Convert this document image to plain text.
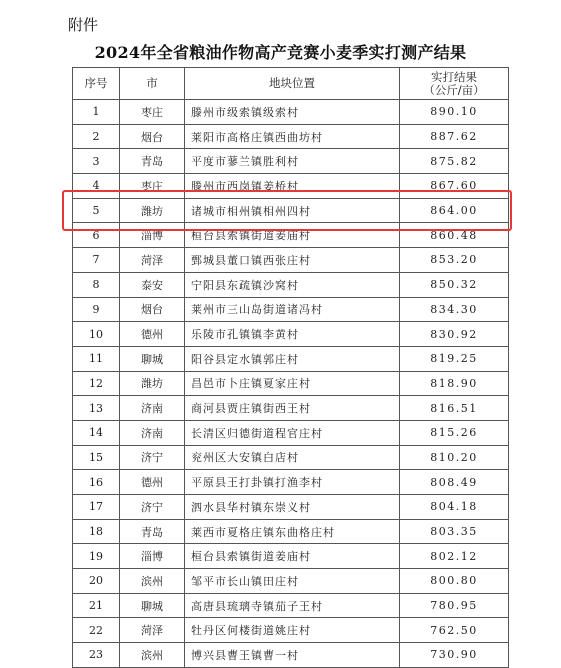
附件
2024年全省粮油作物高产竞赛小麦季实打测产结果
序号	市	地块位置	实打结果
（公斤/亩）
1	枣庄	滕州市级索镇级索村	890.10
2	烟台	莱阳市高格庄镇西曲坊村	887.62
3	青岛	平度市蓼兰镇胜利村	875.82
4	枣庄	滕州市西岗镇姜桥村	867.60
5	潍坊	诸城市相州镇相州四村	864.00
6	淄博	桓台县索镇街道姜庙村	860.48
7	菏泽	鄄城县董口镇西张庄村	853.20
8	泰安	宁阳县东疏镇沙窝村	850.32
9	烟台	莱州市三山岛街道诸冯村	834.30
10	德州	乐陵市孔镇镇李黄村	830.92
11	聊城	阳谷县定水镇郭庄村	819.25
12	潍坊	昌邑市卜庄镇夏家庄村	818.90
13	济南	商河县贾庄镇街西王村	816.51
14	济南	长清区归德街道程官庄村	815.26
15	济宁	兖州区大安镇白店村	810.20
16	德州	平原县王打卦镇打渔李村	808.49
17	济宁	泗水县华村镇东崇义村	804.18
18	青岛	莱西市夏格庄镇东曲格庄村	803.35
19	淄博	桓台县索镇街道姜庙村	802.12
20	滨州	邹平市长山镇田庄村	800.80
21	聊城	高唐县琉璃寺镇茄子王村	780.95
22	菏泽	牡丹区何楼街道姚庄村	762.50
23	滨州	博兴县曹王镇曹一村	730.90
